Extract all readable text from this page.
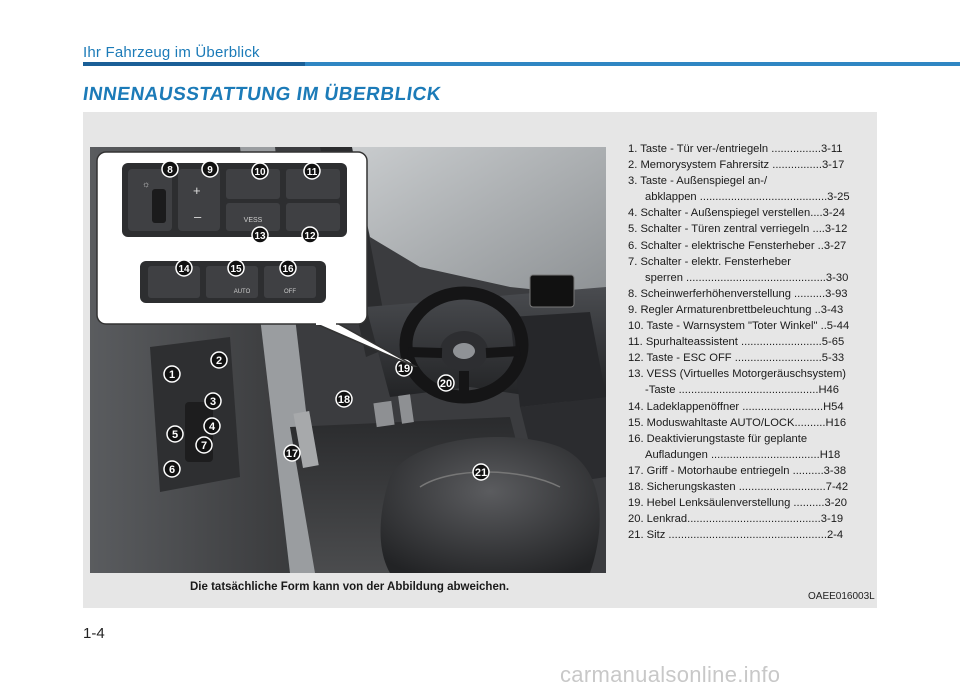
Ihr Fahrzeug im Überblick
INNENAUSSTATTUNG IM ÜBERBLICK
1
2
3
4
5
6
7
17
18
19
20
21
☼	+
–	VESS
AUTO	OFF
8	9	10	11
12
13
14	15	16
1. Taste - Tür ver-/entriegeln ................3-11
2. Memorysystem Fahrersitz ................3-17
3. Taste - Außenspiegel an-/
abklappen .........................................3-25
4. Schalter - Außenspiegel verstellen....3-24
5. Schalter - Türen zentral verriegeln ....3-12
6. Schalter - elektrische Fensterheber ..3-27
7. Schalter - elektr. Fensterheber
sperren .............................................3-30
8. Scheinwerferhöhenverstellung ..........3-93
9. Regler Armaturenbrettbeleuchtung ..3-43
10. Taste - Warnsystem "Toter Winkel" ..5-44
11. Spurhalteassistent ..........................5-65
12. Taste - ESC OFF ............................5-33
13. VESS (Virtuelles Motorgeräuschsystem)
-Taste .............................................H46
14. Ladeklappenöffner ..........................H54
15. Moduswahltaste AUTO/LOCK..........H16
16. Deaktivierungstaste für geplante
Aufladungen ...................................H18
17. Griff - Motorhaube entriegeln ..........3-38
18. Sicherungskasten ............................7-42
19. Hebel Lenksäulenverstellung ..........3-20
20. Lenkrad...........................................3-19
21. Sitz ...................................................2-4
Die tatsächliche Form kann von der Abbildung abweichen.
OAEE016003L
1-4
carmanualsonline.info
